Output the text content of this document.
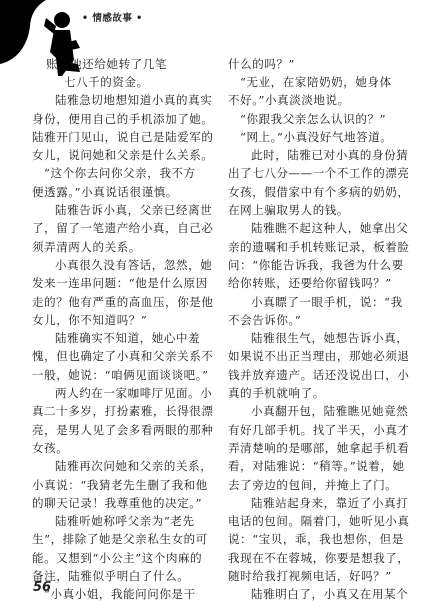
• 情感故事 •
账，他还给她转了几笔
七八千的资金。
陆雅急切地想知道小真的真实
身份，便用自己的手机添加了她。
陆雅开门见山，说自己是陆爱军的
女儿，说问她和父亲是什么关系。
“这个你去问你父亲，我不方
便透露。”小真说话很谨慎。
陆雅告诉小真，父亲已经离世
了，留了一笔遗产给小真，自己必
须弄清两人的关系。
小真很久没有答话，忽然，她
发来一连串问题：“他是什么原因
走的？他有严重的高血压，你是他
女儿，你不知道吗？”
陆雅确实不知道，她心中羞
愧，但也确定了小真和父亲关系不
一般，她说：“咱俩见面谈谈吧。”
两人约在一家咖啡厅见面。小
真二十多岁，打扮素雅，长得很漂
亮，是男人见了会多看两眼的那种
女孩。
陆雅再次问她和父亲的关系，
小真说：“我猜老先生删了我和他
的聊天记录！我尊重他的决定。”
陆雅听她称呼父亲为“老先
生”，排除了她是父亲私生女的可
能。又想到“小公主”这个肉麻的
备注，陆雅似乎明白了什么。
“小真小姐，我能问问你是干
什么的吗？”
“无业，在家陪奶奶，她身体
不好。”小真淡淡地说。
“你跟我父亲怎么认识的？”
“网上。”小真没好气地答道。
此时，陆雅已对小真的身份猜
出了七八分——一个不工作的漂亮
女孩，假借家中有个多病的奶奶，
在网上骗取男人的钱。
陆雅瞧不起这种人，她拿出父
亲的遗嘱和手机转账记录，板着脸
问：“你能告诉我，我爸为什么要
给你转账，还要给你留钱吗？”
小真瞟了一眼手机，说：“我
不会告诉你。”
陆雅很生气，她想告诉小真，
如果说不出正当理由，那她必须退
钱并放弃遗产。话还没说出口，小
真的手机就响了。
小真翻开包，陆雅瞧见她竟然
有好几部手机。找了半天，小真才
弄清楚响的是哪部，她拿起手机看
看，对陆雅说：“稍等。”说着，她
去了旁边的包间，并掩上了门。
陆雅站起身来，靠近了小真打
电话的包间。隔着门，她听见小真
说：“宝贝，乖，我也想你，但是
我现在不在蓉城，你要是想我了，
随时给我打视频电话，好吗？”
陆雅明白了，小真又在用某个
56
